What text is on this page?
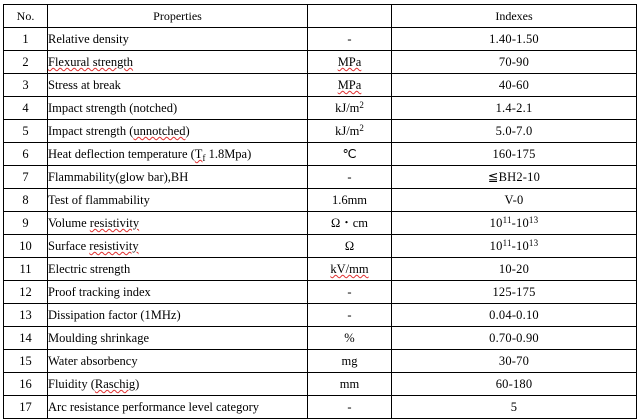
No.	Properties		Indexes
1	Relative density	-	1.40-1.50
2	Flexural strength	MPa	70-90
3	Stress at break	MPa	40-60
4	Impact strength (notched)	$kJ/m^2$	1.4-2.1
5	Impact strength (unnotched)	$kJ/m^2$	5.0-7.0
6	Heat deflection temperature ($T_f$ 1.8Mpa)	℃	160-175
7	Flammability(glow bar),BH	-	≦BH2-10
8	Test of flammability	1.6mm	V-0
9	Volume resistivity	Ω・cm	$10^{11}-10^{13}$
10	Surface resistivity	Ω	$10^{11}-10^{13}$
11	Electric strength	kV/mm	10-20
12	Proof tracking index	-	125-175
13	Dissipation factor (1MHz)	-	0.04-0.10
14	Moulding shrinkage	%	0.70-0.90
15	Water absorbency	mg	30-70
16	Fluidity (Raschig)	mm	60-180
17	Arc resistance performance level category	-	5
